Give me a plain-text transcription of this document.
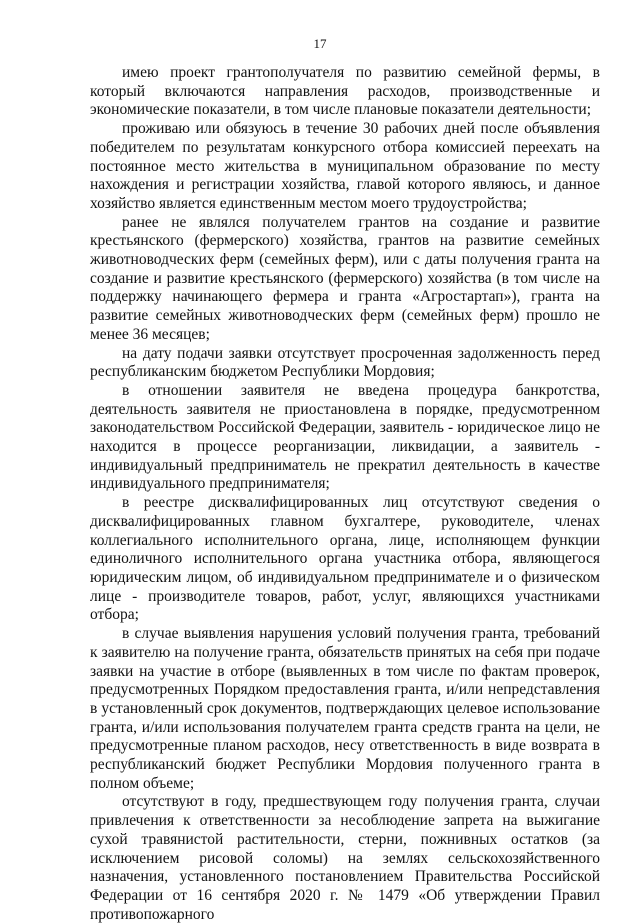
17

имею проект грантополучателя по развитию семейной фермы, в который включаются направления расходов, производственные и экономические показатели, в том числе плановые показатели деятельности;

проживаю или обязуюсь в течение 30 рабочих дней после объявления победителем по результатам конкурсного отбора комиссией переехать на постоянное место жительства в муниципальном образование по месту нахождения и регистрации хозяйства, главой которого являюсь, и данное хозяйство является единственным местом моего трудоустройства;

ранее не являлся получателем грантов на создание и развитие крестьянского (фермерского) хозяйства, грантов на развитие семейных животноводческих ферм (семейных ферм), или с даты получения гранта на создание и развитие крестьянского (фермерского) хозяйства (в том числе на поддержку начинающего фермера и гранта «Агростартап»), гранта на развитие семейных животноводческих ферм (семейных ферм) прошло не менее 36 месяцев;

на дату подачи заявки отсутствует просроченная задолженность перед республиканским бюджетом Республики Мордовия;

в отношении заявителя не введена процедура банкротства, деятельность заявителя не приостановлена в порядке, предусмотренном законодательством Российской Федерации, заявитель - юридическое лицо не находится в процессе реорганизации, ликвидации, а заявитель - индивидуальный предприниматель не прекратил деятельность в качестве индивидуального предпринимателя;

в реестре дисквалифицированных лиц отсутствуют сведения о дисквалифицированных главном бухгалтере, руководителе, членах коллегиального исполнительного органа, лице, исполняющем функции единоличного исполнительного органа участника отбора, являющегося юридическим лицом, об индивидуальном предпринимателе и о физическом лице - производителе товаров, работ, услуг, являющихся участниками отбора;

в случае выявления нарушения условий получения гранта, требований к заявителю на получение гранта, обязательств принятых на себя при подаче заявки на участие в отборе (выявленных в том числе по фактам проверок, предусмотренных Порядком предоставления гранта, и/или непредставления в установленный срок документов, подтверждающих целевое использование гранта, и/или использования получателем гранта средств гранта на цели, не предусмотренные планом расходов, несу ответственность в виде возврата в республиканский бюджет Республики Мордовия полученного гранта в полном объеме;

отсутствуют в году, предшествующем году получения гранта, случаи привлечения к ответственности за несоблюдение запрета на выжигание сухой травянистой растительности, стерни, пожнивных остатков (за исключением рисовой соломы) на землях сельскохозяйственного назначения, установленного постановлением Правительства Российской Федерации от 16 сентября 2020 г. № 1479 «Об утверждении Правил противопожарного
